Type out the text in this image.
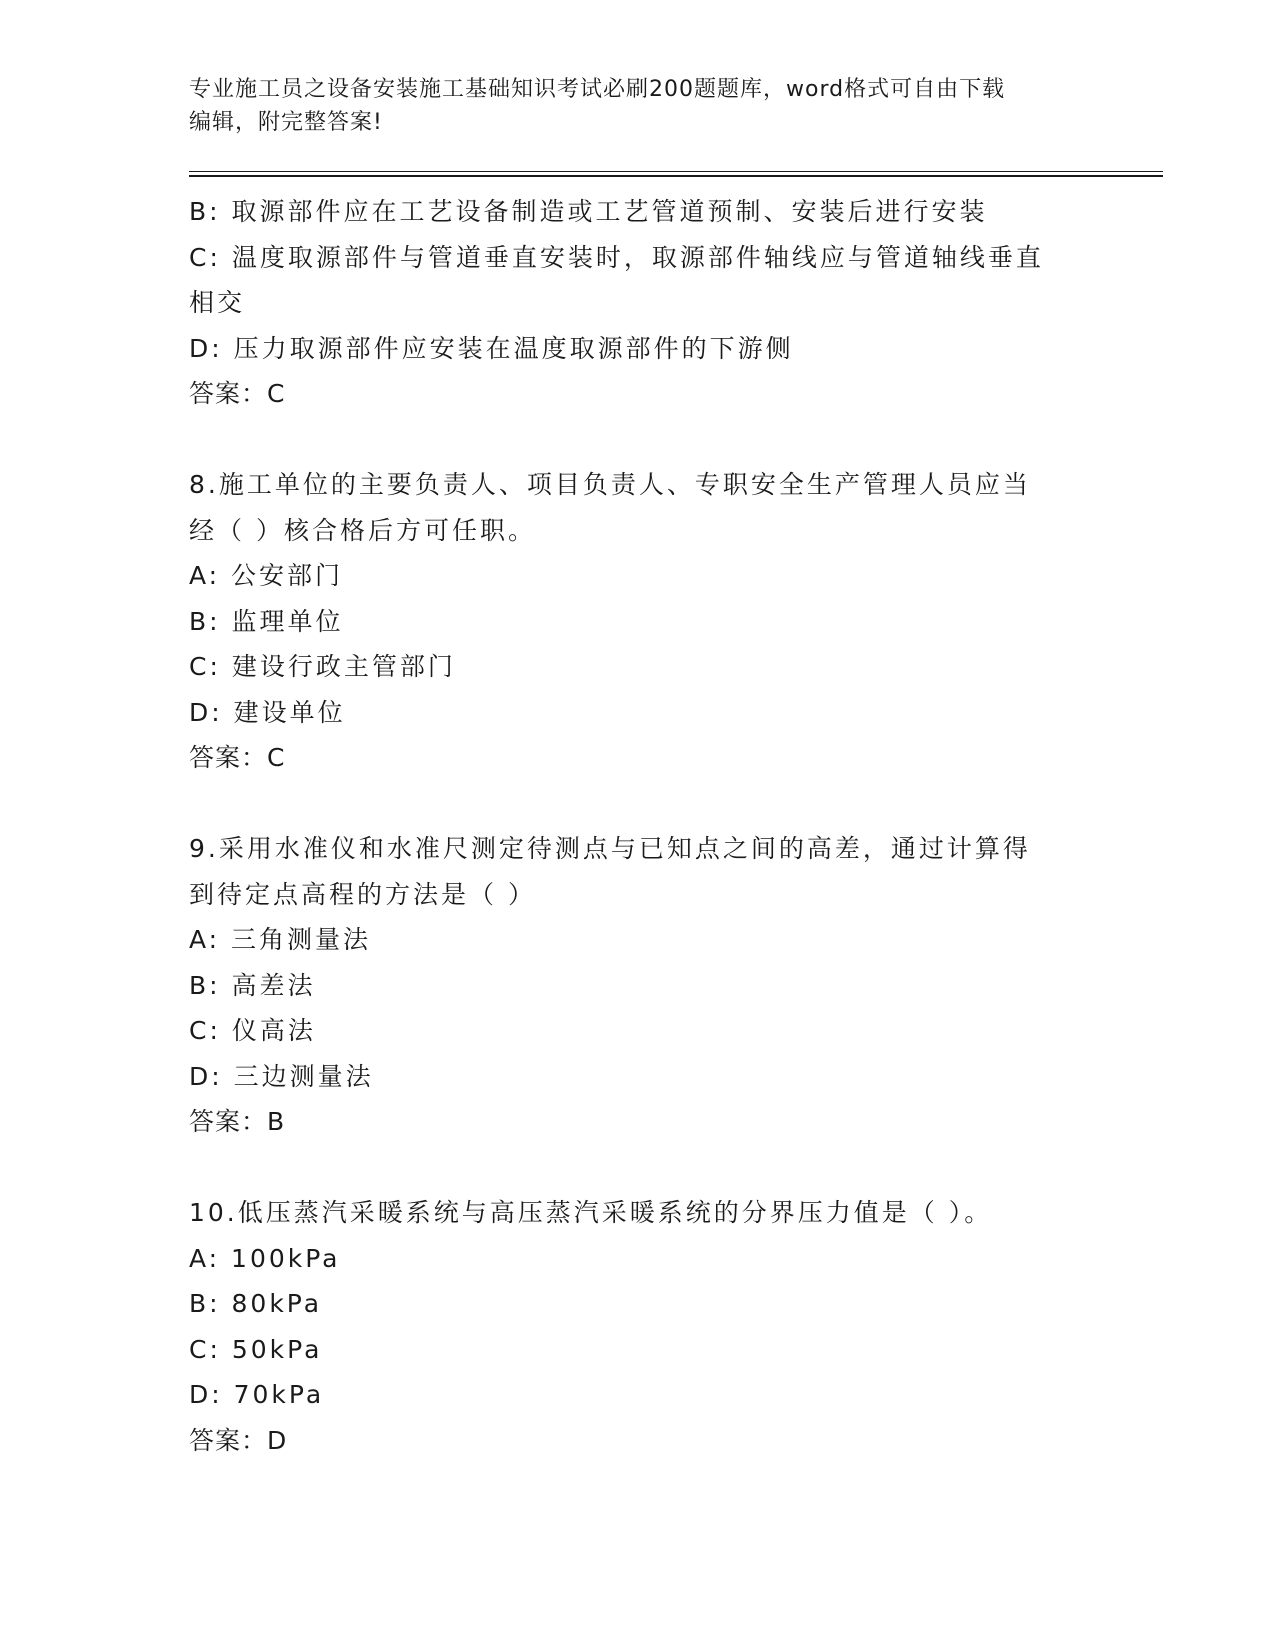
专业施工员之设备安装施工基础知识考试必刷200题题库，word格式可自由下载
编辑，附完整答案!
B: 取源部件应在工艺设备制造或工艺管道预制、安装后进行安装
C: 温度取源部件与管道垂直安装时，取源部件轴线应与管道轴线垂直
相交
D: 压力取源部件应安装在温度取源部件的下游侧
答案：C
8.施工单位的主要负责人、项目负责人、专职安全生产管理人员应当
经（ ）核合格后方可任职。
A: 公安部门
B: 监理单位
C: 建设行政主管部门
D: 建设单位
答案：C
9.采用水准仪和水准尺测定待测点与已知点之间的高差，通过计算得
到待定点高程的方法是（ ）
A: 三角测量法
B: 高差法
C: 仪高法
D: 三边测量法
答案：B
10.低压蒸汽采暖系统与高压蒸汽采暖系统的分界压力值是（ ）。
A: 100kPa
B: 80kPa
C: 50kPa
D: 70kPa
答案：D
